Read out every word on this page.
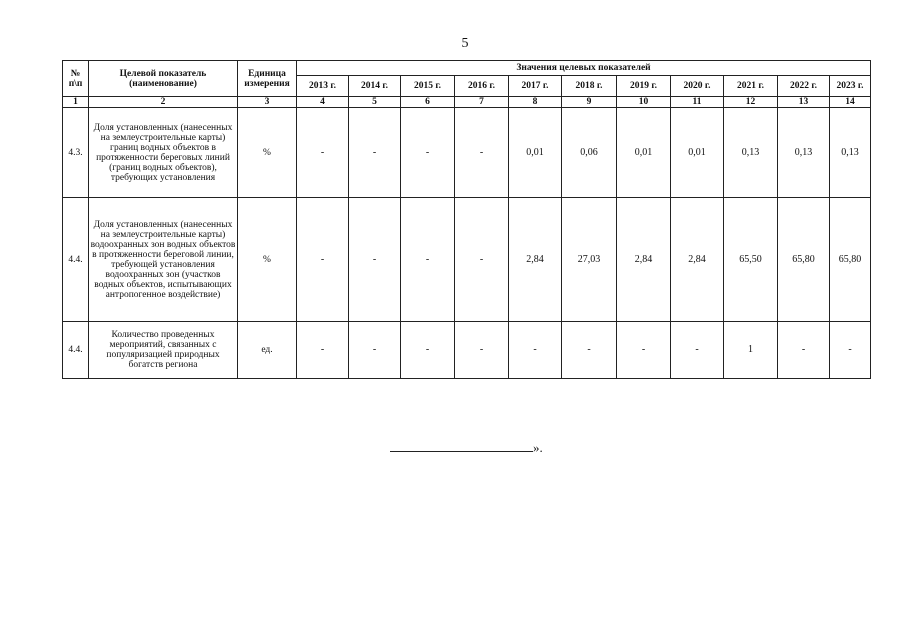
5
№ п\п	Целевой показатель (наименование)	Единица измерения	Значения целевых показателей										
			2013 г.	2014 г.	2015 г.	2016 г.	2017 г.	2018 г.	2019 г.	2020 г.	2021 г.	2022 г.	2023 г.
1	2	3	4	5	6	7	8	9	10	11	12	13	14
4.3.	Доля установленных (нанесенных на землеустроительные карты) границ водных объектов в протяженности береговых линий (границ водных объектов), требующих установления	%	-	-	-	-	0,01	0,06	0,01	0,01	0,13	0,13	0,13
4.4.	Доля установленных (нанесенных на землеустроительные карты) водоохранных зон водных объектов в протяженности береговой линии, требующей установления водоохранных зон (участков водных объектов, испытывающих антропогенное воздействие)	%	-	-	-	-	2,84	27,03	2,84	2,84	65,50	65,80	65,80
4.4.	Количество проведенных мероприятий, связанных с популяризацией природных богатств региона	ед.	-	-	-	-	-	-	-	-	1	-	-
».
